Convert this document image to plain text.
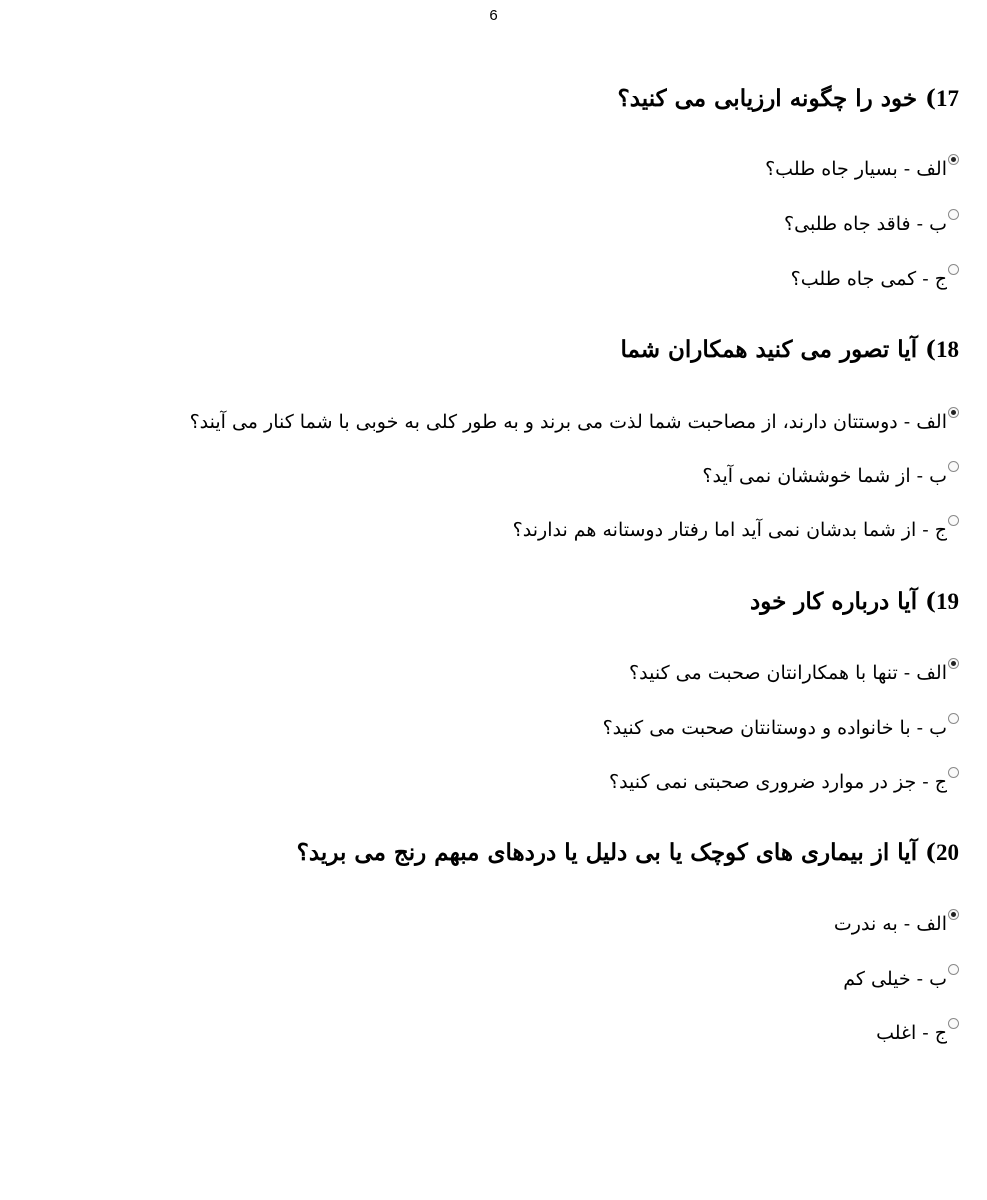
6
17) خود را چگونه ارزیابی می کنید؟
الف - بسیار جاه طلب؟
ب - فاقد جاه طلبی؟
ج - کمی جاه طلب؟
18) آیا تصور می کنید همکاران شما
الف - دوستتان دارند، از مصاحبت شما لذت می برند و به طور کلی به خوبی با شما کنار می آیند؟
ب - از شما خوششان نمی آید؟
ج - از شما بدشان نمی آید اما رفتار دوستانه هم ندارند؟
19) آیا درباره کار خود
الف - تنها با همکارانتان صحبت می کنید؟
ب - با خانواده و دوستانتان صحبت می کنید؟
ج - جز در موارد ضروری صحبتی نمی کنید؟
20) آیا از بیماری های کوچک یا بی دلیل یا دردهای مبهم رنج می برید؟
الف - به ندرت
ب - خیلی کم
ج - اغلب
